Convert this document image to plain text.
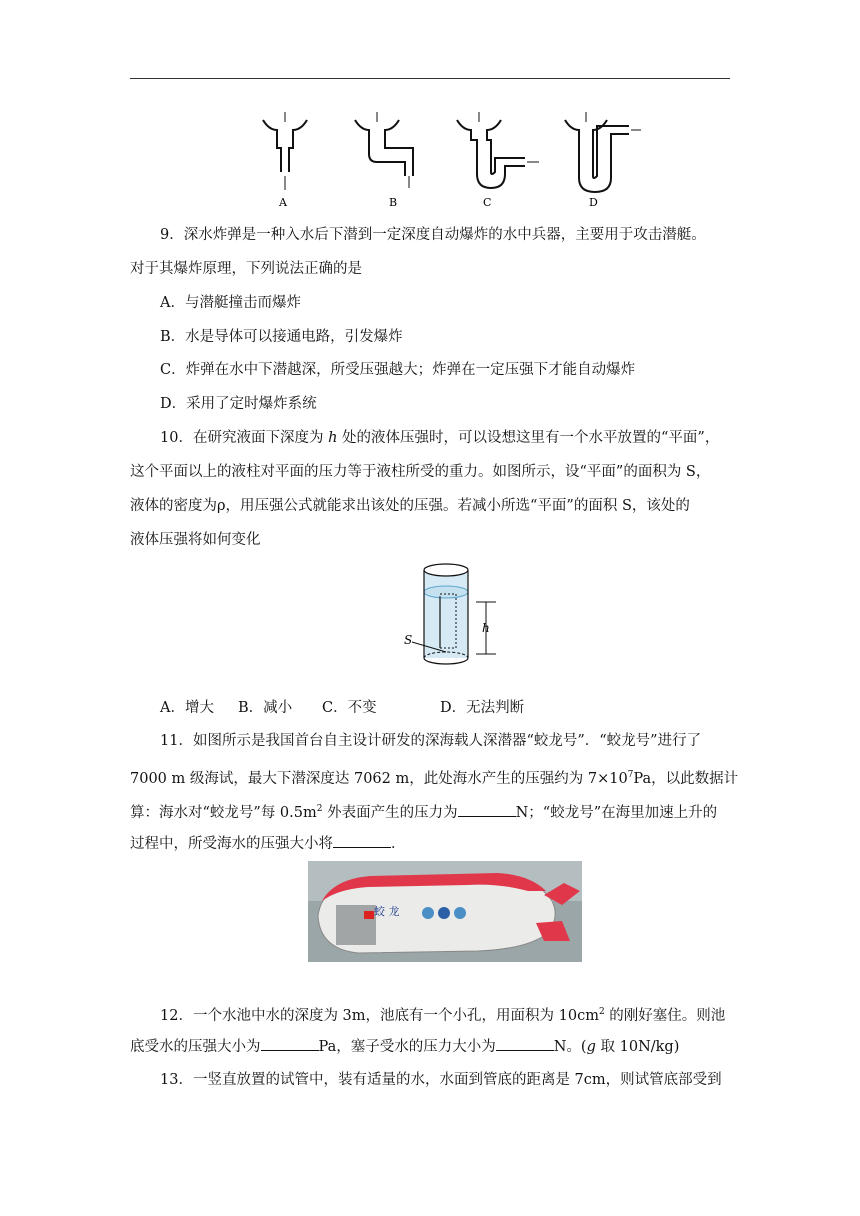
A	B	C	D
9．深水炸弹是一种入水后下潜到一定深度自动爆炸的水中兵器，主要用于攻击潜艇。
对于其爆炸原理，下列说法正确的是
A．与潜艇撞击而爆炸
B．水是导体可以接通电路，引发爆炸
C．炸弹在水中下潜越深，所受压强越大；炸弹在一定压强下才能自动爆炸
D．采用了定时爆炸系统
10．在研究液面下深度为 h 处的液体压强时，可以设想这里有一个水平放置的“平面”，
这个平面以上的液柱对平面的压力等于液柱所受的重力。如图所示，设“平面”的面积为 S，
液体的密度为ρ，用压强公式就能求出该处的压强。若减小所选“平面”的面积 S，该处的
液体压强将如何变化
h
S
A．增大 B．减小 C．不变	D．无法判断
11．如图所示是我国首台自主设计研发的深海载人深潜器“蛟龙号”．“蛟龙号”进行了
7000 m 级海试，最大下潜深度达 7062 m，此处海水产生的压强约为 $7\times 10^7Pa$，以此数据计
算：海水对“蛟龙号”每 $0.5m^2$ 外表面产生的压力为	N；“蛟龙号”在海里加速上升的
过程中，所受海水的压强大小将	．
蛟 龙
12．一个水池中水的深度为 3m，池底有一个小孔，用面积为 $10cm^2$ 的刚好塞住。则池
底受水的压强大小为	Pa，塞子受水的压力大小为	N。(g 取 10N/kg)
13．一竖直放置的试管中，装有适量的水，水面到管底的距离是 7cm，则试管底部受到
